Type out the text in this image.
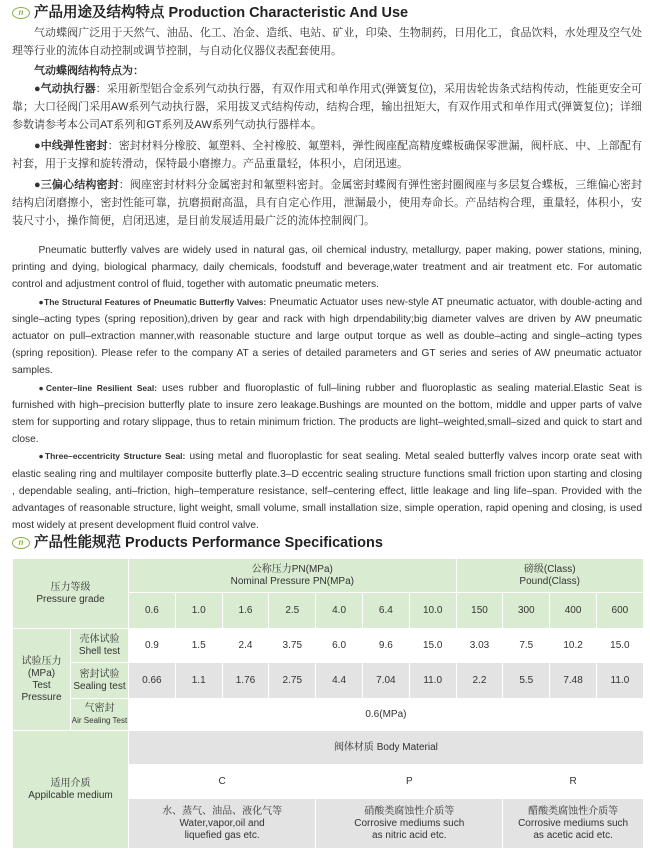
n 产品用途及结构特点 Production Characteristic And Use

气动蝶阀广泛用于天然气、油品、化工、冶金、造纸、电站、矿业，印染、生物制药，日用化工，食品饮料，水处理及空气处理等行业的流体自动控制或调节控制，与自动化仪器仪表配套使用。

气动蝶阀结构特点为：

●气动执行器：采用新型铝合金系列气动执行器，有双作用式和单作用式(弹簧复位)，采用齿轮齿条式结构传动，性能更安全可靠；大口径阀门采用AW系列气动执行器，采用拔叉式结构传动，结构合理，输出扭矩大，有双作用式和单作用式(弹簧复位)；详细参数请参考本公司AT系列和GT系列及AW系列气动执行器样本。

●中线弹性密封：密封材料分橡胶、氟塑料、全衬橡胶、氟塑料，弹性阀座配高精度蝶板确保零泄漏，阀杆底、中、上部配有衬套，用于支撑和旋转滑动，保特最小磨擦力。产品重量轻，体积小，启闭迅速。

●三偏心结构密封：阀座密封材料分金属密封和氟塑料密封。金属密封蝶阀有弹性密封圈阀座与多层复合蝶板，三维偏心密封结构启闭磨擦小，密封性能可靠，抗磨损耐高温，具有自定心作用，泄漏最小，使用寿命长。产品结构合理，重量轻，体积小，安装尺寸小，操作简便，启闭迅速，是目前发展适用最广泛的流体控制阀门。

Pneumatic butterfly valves are widely used in natural gas, oil chemical industry, metallurgy, paper making, power stations, mining, printing and dying, biological pharmacy, daily chemicals, foodstuff and beverage,water treatment and air treatment etc. For automatic control and adjustment control of fluid, together with automatic pneumatic meters.

●The Structural Features of Pneumatic Butterfly Valves: Pneumatic Actuator uses new-style AT pneumatic actuator, with double-acting and single–acting types (spring reposition),driven by gear and rack with high drpendability;big diameter valves are driven by AW pneumatic actuator on pull–extraction manner,with reasonable stucture and large output torque as well as double–acting and single–acting types (spring reposition). Please refer to the company AT a series of detailed parameters and GT series and series of AW pneumatic actuator samples.

●Center–line Resilient Seal: uses rubber and fluoroplastic of full–lining rubber and fluoroplastic as sealing material.Elastic Seat is furnished with high–precision butterfly plate to insure zero leakage.Bushings are mounted on the bottom, middle and upper parts of valve stem for supporting and rotary slippage, thus to retain minimum friction. The products are light–weighted,small–sized and quick to start and close.

●Three–eccentricity Structure Seal: using metal and fluoroplastic for seat sealing. Metal sealed butterfly valves incorp orate seat with elastic sealing ring and multilayer composite butterfly plate.3–D eccentric sealing structure functions small friction upon starting and closing , dependable sealing, anti–friction, high–temperature resistance, self–centering effect, little leakage and ling life–span. Provided with the advantages of reasonable structure, light weight, small volume, small installation size, simple operation, rapid opening and closing, is used most widely at present development fluid control valve.

n 产品性能规范 Products Performance Specifications
压力等级
Pressure grade		公称压力PN(MPa)
Nominal Pressure PN(MPa)							磅级(Class)
Pound(Class)			
		0.6	1.0	1.6	2.5	4.0	6.4	10.0	150	300	400	600
试验压力
(MPa)
Test
Pressure	壳体试验
Shell test	0.9	1.5	2.4	3.75	6.0	9.6	15.0	3.03	7.5	10.2	15.0
	密封试验
Sealing test	0.66	1.1	1.76	2.75	4.4	7.04	11.0	2.2	5.5	7.48	11.0
	气密封
Air Sealing Test	0.6(MPa)										
适用介质
Appilcable medium		阀体材质 Body Material										
		C				P				R		
		水、蒸气、油品、液化气等
Water,vapor,oil and
liquefied gas etc.				硝酸类腐蚀性介质等
Corrosive mediums such
as nitric acid etc.				醋酸类腐蚀性介质等
Corrosive mediums such
as acetic acid etc.		
